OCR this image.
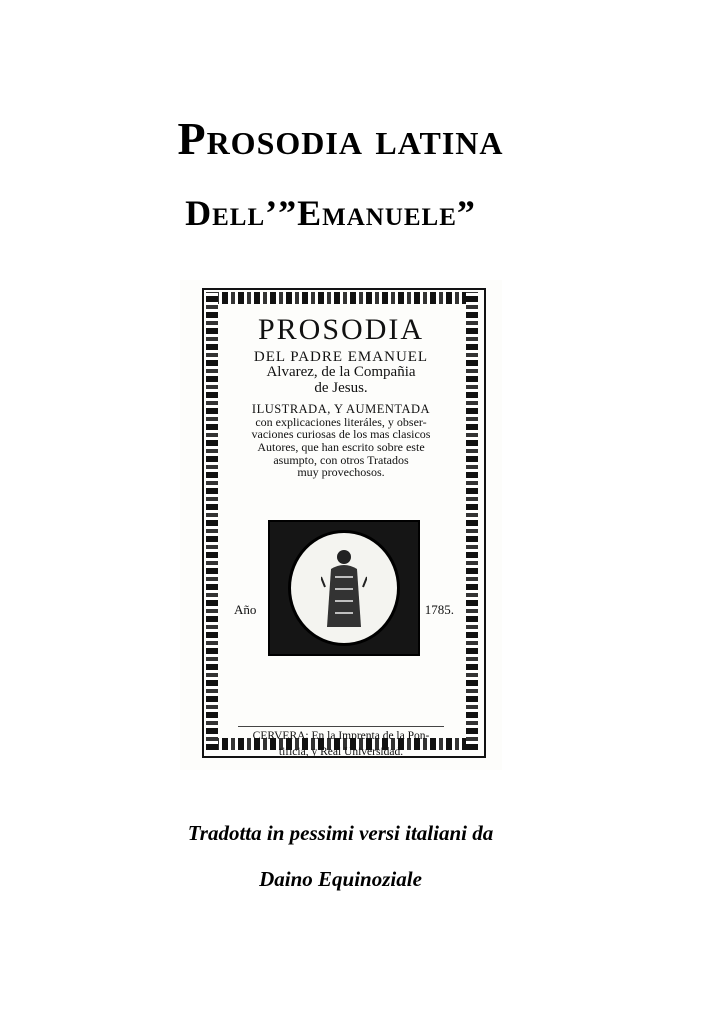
Prosodia latina
Dell’”Emanuele”

PROSODIA

DEL PADRE EMANUEL

Alvarez, de la Compañia

de Jesus.

ILUSTRADA, Y AUMENTADA

con explicaciones literáles, y obser-

vaciones curiosas de los mas clasicos

Autores, que han escrito sobre este

asumpto, con otros Tratados

muy provechosos.

Año	1785.

CERVERA: En la Imprenta de la Pon-

tificia, y Real Universidad.

Tradotta in pessimi versi italiani da

Daino Equinoziale
